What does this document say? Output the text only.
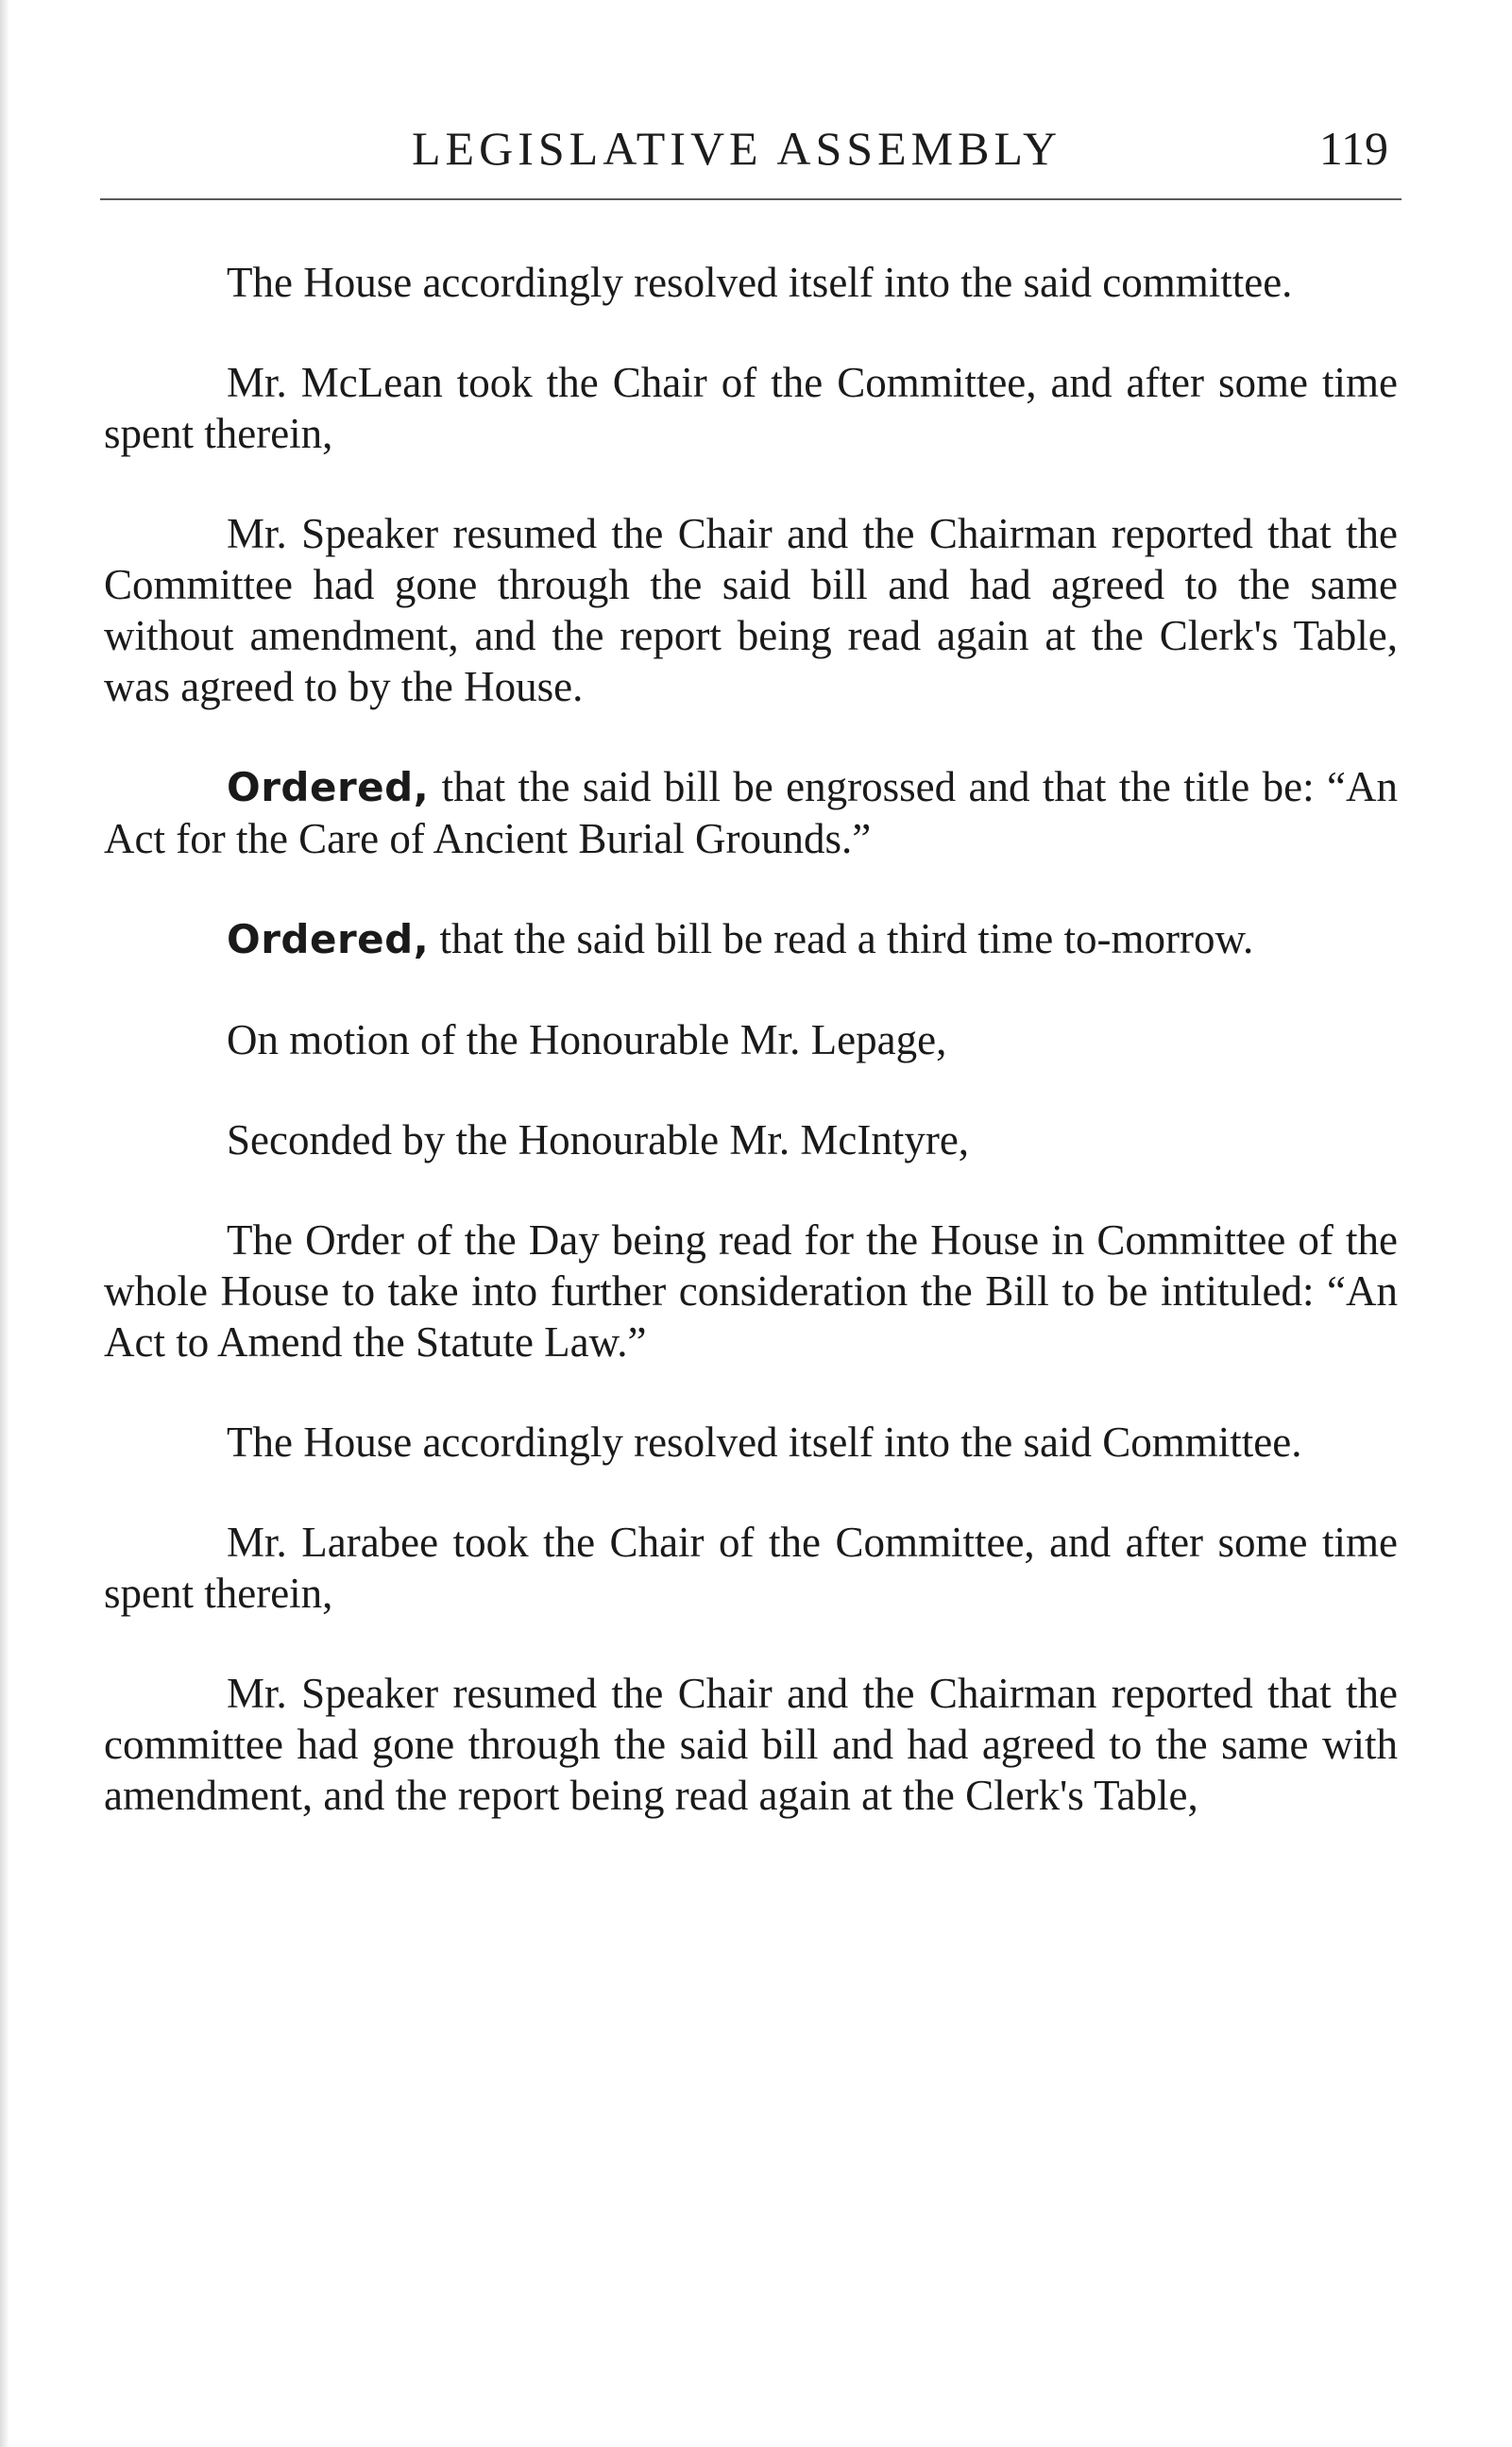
LEGISLATIVE ASSEMBLY	119

The House accordingly resolved itself into the said committee.

Mr. McLean took the Chair of the Committee, and after some time spent therein,

Mr. Speaker resumed the Chair and the Chairman reported that the Committee had gone through the said bill and had agreed to the same without amendment, and the report being read again at the Clerk's Table, was agreed to by the House.

Ordered, that the said bill be engrossed and that the title be: “An Act for the Care of Ancient Burial Grounds.”

Ordered, that the said bill be read a third time to-morrow.

On motion of the Honourable Mr. Lepage,

Seconded by the Honourable Mr. McIntyre,

The Order of the Day being read for the House in Committee of the whole House to take into further consideration the Bill to be intituled: “An Act to Amend the Statute Law.”

The House accordingly resolved itself into the said Committee.

Mr. Larabee took the Chair of the Committee, and after some time spent therein,

Mr. Speaker resumed the Chair and the Chairman reported that the committee had gone through the said bill and had agreed to the same with amendment, and the report being read again at the Clerk's Table,
